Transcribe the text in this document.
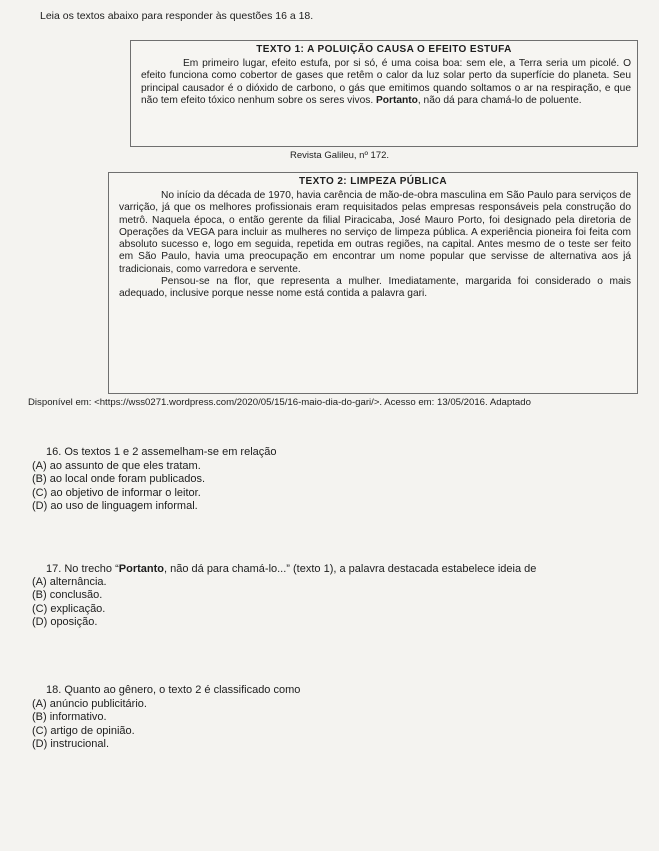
Leia os textos abaixo para responder às questões 16 a 18.
TEXTO 1: A POLUIÇÃO CAUSA O EFEITO ESTUFA
Em primeiro lugar, efeito estufa, por si só, é uma coisa boa: sem ele, a Terra seria um picolé. O efeito funciona como cobertor de gases que retêm o calor da luz solar perto da superfície do planeta. Seu principal causador é o dióxido de carbono, o gás que emitimos quando soltamos o ar na respiração, e que não tem efeito tóxico nenhum sobre os seres vivos. Portanto, não dá para chamá-lo de poluente.
Revista Galileu, nº 172.
TEXTO 2: LIMPEZA PÚBLICA
No início da década de 1970, havia carência de mão-de-obra masculina em São Paulo para serviços de varrição, já que os melhores profissionais eram requisitados pelas empresas responsáveis pela construção do metrô. Naquela época, o então gerente da filial Piracicaba, José Mauro Porto, foi designado pela diretoria de Operações da VEGA para incluir as mulheres no serviço de limpeza pública. A experiência pioneira foi feita com absoluto sucesso e, logo em seguida, repetida em outras regiões, na capital. Antes mesmo de o teste ser feito em São Paulo, havia uma preocupação em encontrar um nome popular que servisse de alternativa aos já tradicionais, como varredora e servente.
Pensou-se na flor, que representa a mulher. Imediatamente, margarida foi considerado o mais adequado, inclusive porque nesse nome está contida a palavra gari.
Disponível em: <https://wss0271.wordpress.com/2020/05/15/16-maio-dia-do-gari/>. Acesso em: 13/05/2016. Adaptado
16. Os textos 1 e 2 assemelham-se em relação
(A) ao assunto de que eles tratam.
(B) ao local onde foram publicados.
(C) ao objetivo de informar o leitor.
(D) ao uso de linguagem informal.
17. No trecho “Portanto, não dá para chamá-lo...” (texto 1), a palavra destacada estabelece ideia de
(A) alternância.
(B) conclusão.
(C) explicação.
(D) oposição.
18. Quanto ao gênero, o texto 2 é classificado como
(A) anúncio publicitário.
(B) informativo.
(C) artigo de opinião.
(D) instrucional.
